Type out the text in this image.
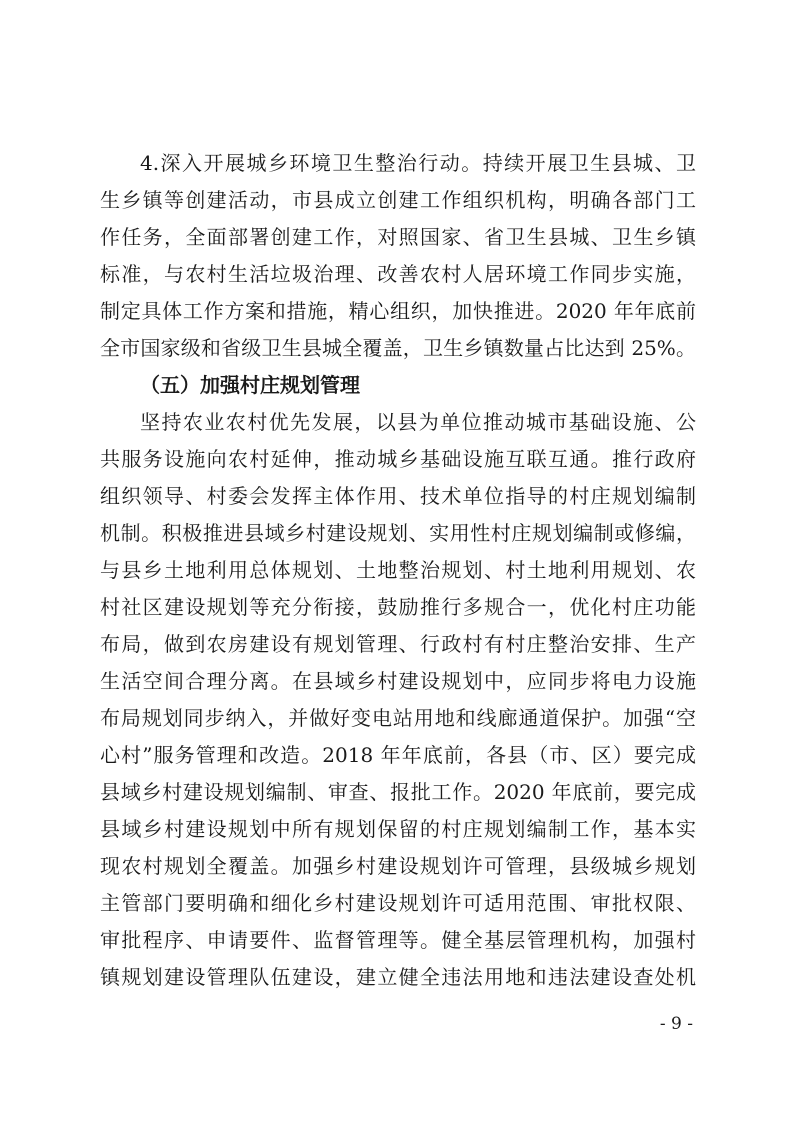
4.深入开展城乡环境卫生整治行动。持续开展卫生县城、卫
生乡镇等创建活动，市县成立创建工作组织机构，明确各部门工
作任务，全面部署创建工作，对照国家、省卫生县城、卫生乡镇
标准，与农村生活垃圾治理、改善农村人居环境工作同步实施，
制定具体工作方案和措施，精心组织，加快推进。2020 年年底前
全市国家级和省级卫生县城全覆盖，卫生乡镇数量占比达到 25%。
（五）加强村庄规划管理
坚持农业农村优先发展，以县为单位推动城市基础设施、公
共服务设施向农村延伸，推动城乡基础设施互联互通。推行政府
组织领导、村委会发挥主体作用、技术单位指导的村庄规划编制
机制。积极推进县域乡村建设规划、实用性村庄规划编制或修编，
与县乡土地利用总体规划、土地整治规划、村土地利用规划、农
村社区建设规划等充分衔接，鼓励推行多规合一，优化村庄功能
布局，做到农房建设有规划管理、行政村有村庄整治安排、生产
生活空间合理分离。在县域乡村建设规划中，应同步将电力设施
布局规划同步纳入，并做好变电站用地和线廊通道保护。加强“空
心村”服务管理和改造。2018 年年底前，各县（市、区）要完成
县域乡村建设规划编制、审查、报批工作。2020 年底前，要完成
县域乡村建设规划中所有规划保留的村庄规划编制工作，基本实
现农村规划全覆盖。加强乡村建设规划许可管理，县级城乡规划
主管部门要明确和细化乡村建设规划许可适用范围、审批权限、
审批程序、申请要件、监督管理等。健全基层管理机构，加强村
镇规划建设管理队伍建设，建立健全违法用地和违法建设查处机
- 9 -
